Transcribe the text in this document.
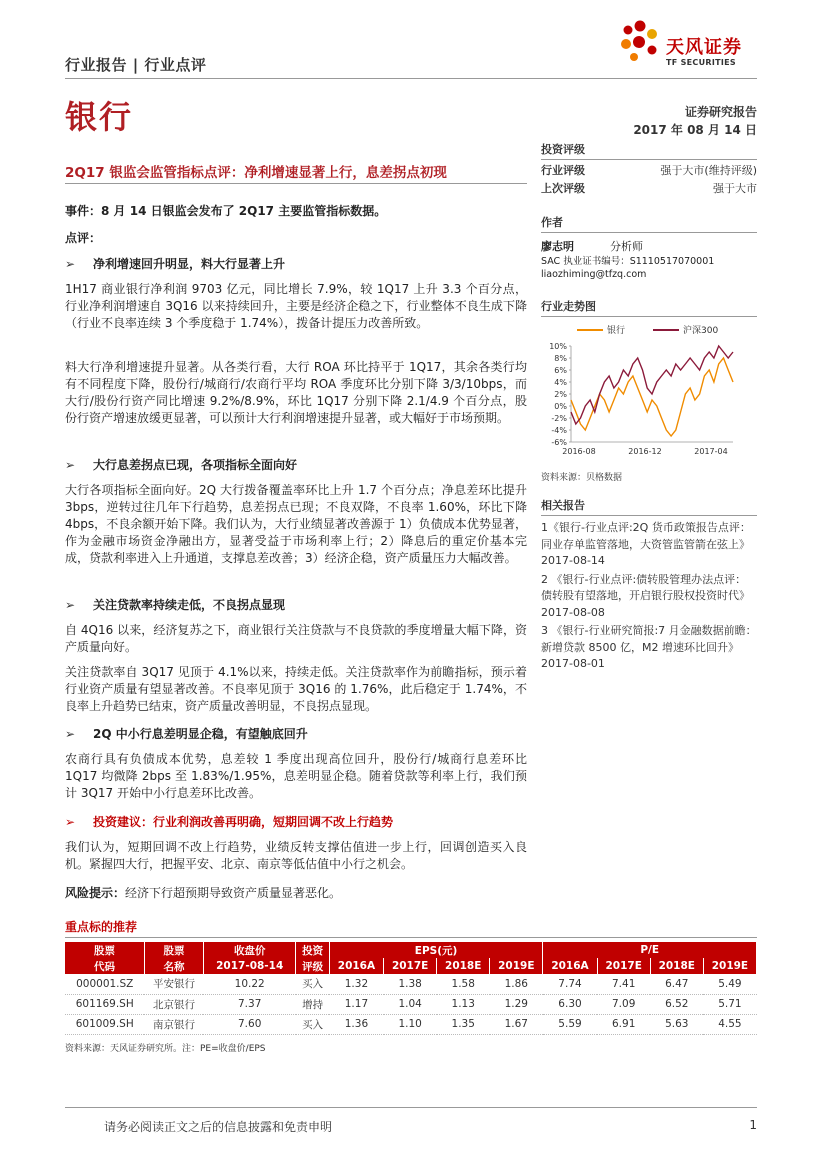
行业报告 | 行业点评
天风证券
TF SECURITIES
银行	证券研究报告
2017 年 08 月 14 日
2Q17 银监会监管指标点评：净利增速显著上行，息差拐点初现
事件：8 月 14 日银监会发布了 2Q17 主要监管指标数据。
点评：
➢ 净利增速回升明显，料大行显著上升
1H17 商业银行净利润 9703 亿元，同比增长 7.9%，较 1Q17 上升 3.3 个百分点，行业净利润增速自 3Q16 以来持续回升，主要是经济企稳之下，行业整体不良生成下降（行业不良率连续 3 个季度稳于 1.74%），拨备计提压力改善所致。
料大行净利增速提升显著。从各类行看，大行 ROA 环比持平于 1Q17，其余各类行均有不同程度下降，股份行/城商行/农商行平均 ROA 季度环比分别下降 3/3/10bps，而大行/股份行资产同比增速 9.2%/8.9%，环比 1Q17 分别下降 2.1/4.9 个百分点，股份行资产增速放缓更显著，可以预计大行利润增速提升显著，或大幅好于市场预期。
➢ 大行息差拐点已现，各项指标全面向好
大行各项指标全面向好。2Q 大行拨备覆盖率环比上升 1.7 个百分点；净息差环比提升 3bps，逆转过往几年下行趋势，息差拐点已现；不良双降，不良率 1.60%，环比下降 4bps，不良余额开始下降。我们认为，大行业绩显著改善源于 1）负债成本优势显著，作为金融市场资金净融出方，显著受益于市场利率上行；2）降息后的重定价基本完成，贷款利率进入上升通道，支撑息差改善；3）经济企稳，资产质量压力大幅改善。
➢ 关注贷款率持续走低，不良拐点显现
自 4Q16 以来，经济复苏之下，商业银行关注贷款与不良贷款的季度增量大幅下降，资产质量向好。
关注贷款率自 3Q17 见顶于 4.1%以来，持续走低。关注贷款率作为前瞻指标，预示着行业资产质量有望显著改善。不良率见顶于 3Q16 的 1.76%，此后稳定于 1.74%，不良率上升趋势已结束，资产质量改善明显，不良拐点显现。
➢ 2Q 中小行息差明显企稳，有望触底回升
农商行具有负债成本优势，息差较 1 季度出现高位回升，股份行/城商行息差环比 1Q17 均微降 2bps 至 1.83%/1.95%，息差明显企稳。随着贷款等利率上行，我们预计 3Q17 开始中小行息差环比改善。
➢ 投资建议：行业利润改善再明确，短期回调不改上行趋势
我们认为，短期回调不改上行趋势，业绩反转支撑估值进一步上行，回调创造买入良机。紧握四大行，把握平安、北京、南京等低估值中小行之机会。
风险提示：经济下行超预期导致资产质量显著恶化。
投资评级
行业评级	强于大市(维持评级)
上次评级	强于大市
作者
廖志明	分析师
SAC 执业证书编号：S1110517070001
liaozhiming@tfzq.com
行业走势图
银行	沪深300
10%
8%
6%
4%
2%
0%
-2%
-4%
-6%
2016-08	2016-12	2017-04
资料来源：贝格数据
相关报告
1《银行-行业点评:2Q 货币政策报告点评：同业存单监管落地，大资管监管箭在弦上》 2017-08-14
2 《银行-行业点评:债转股管理办法点评：债转股有望落地，开启银行股权投资时代》 2017-08-08
3 《银行-行业研究简报:7 月金融数据前瞻：新增贷款 8500 亿，M2 增速环比回升》 2017-08-01
重点标的推荐
股票	股票	收盘价	投资	EPS(元)				P/E			
代码	名称	2017-08-14	评级	2016A	2017E	2018E	2019E	2016A	2017E	2018E	2019E
000001.SZ	平安银行	10.22	买入	1.32	1.38	1.58	1.86	7.74	7.41	6.47	5.49
601169.SH	北京银行	7.37	增持	1.17	1.04	1.13	1.29	6.30	7.09	6.52	5.71
601009.SH	南京银行	7.60	买入	1.36	1.10	1.35	1.67	5.59	6.91	5.63	4.55
资料来源：天风证券研究所。注：PE=收盘价/EPS
请务必阅读正文之后的信息披露和免责申明	1
